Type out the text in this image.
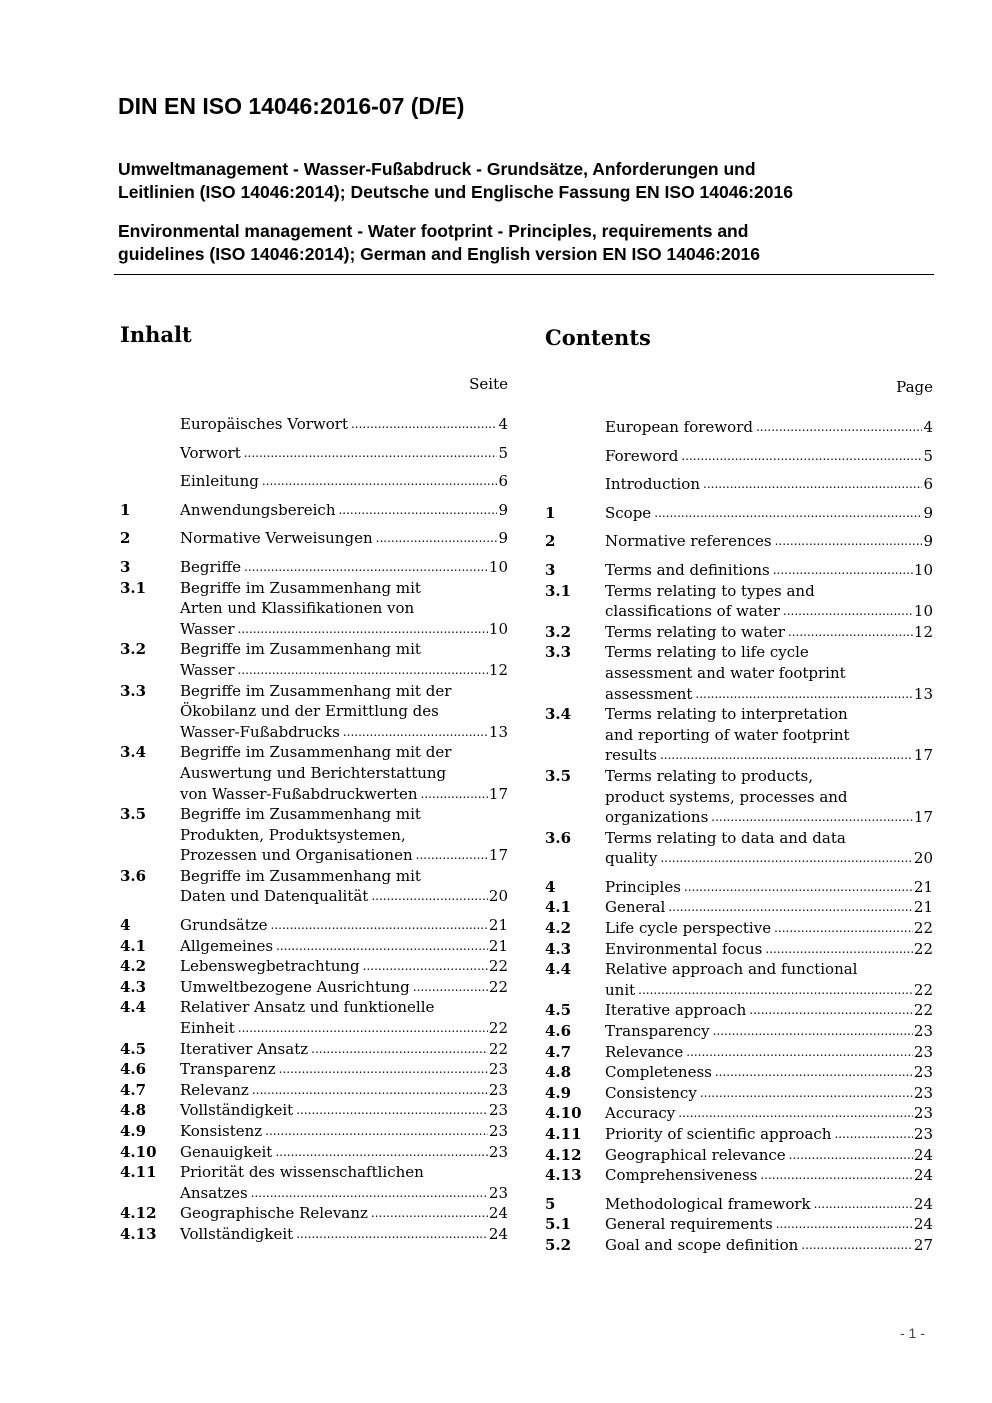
DIN EN ISO 14046:2016-07 (D/E)
Umweltmanagement - Wasser-Fußabdruck - Grundsätze, Anforderungen und
Leitlinien (ISO 14046:2014); Deutsche und Englische Fassung EN ISO 14046:2016
Environmental management - Water footprint - Principles, requirements and
guidelines (ISO 14046:2014); German and English version EN ISO 14046:2016
Inhalt
Seite
Europäisches Vorwort .....	4
Vorwort .....	5
Einleitung .....	6
1	Anwendungsbereich .....	9
2	Normative Verweisungen .....	9
3	Begriffe .....	10
3.1	Begriffe im Zusammenhang mit
Arten und Klassifikationen von
Wasser .....	10
3.2	Begriffe im Zusammenhang mit
Wasser .....	12
3.3	Begriffe im Zusammenhang mit der
Ökobilanz und der Ermittlung des
Wasser-Fußabdrucks .....	13
3.4	Begriffe im Zusammenhang mit der
Auswertung und Berichterstattung
von Wasser-Fußabdruckwerten .....	17
3.5	Begriffe im Zusammenhang mit
Produkten, Produktsystemen,
Prozessen und Organisationen .....	17
3.6	Begriffe im Zusammenhang mit
Daten und Datenqualität .....	20
4	Grundsätze .....	21
4.1	Allgemeines .....	21
4.2	Lebenswegbetrachtung .....	22
4.3	Umweltbezogene Ausrichtung .....	22
4.4	Relativer Ansatz und funktionelle
Einheit .....	22
4.5	Iterativer Ansatz .....	22
4.6	Transparenz .....	23
4.7	Relevanz .....	23
4.8	Vollständigkeit .....	23
4.9	Konsistenz .....	23
4.10	Genauigkeit .....	23
4.11	Priorität des wissenschaftlichen
Ansatzes .....	23
4.12	Geographische Relevanz .....	24
4.13	Vollständigkeit .....	24
Contents
Page
European foreword .....	4
Foreword .....	5
Introduction .....	6
1	Scope .....	9
2	Normative references .....	9
3	Terms and definitions .....	10
3.1	Terms relating to types and
classifications of water .....	10
3.2	Terms relating to water .....	12
3.3	Terms relating to life cycle
assessment and water footprint
assessment .....	13
3.4	Terms relating to interpretation
and reporting of water footprint
results .....	17
3.5	Terms relating to products,
product systems, processes and
organizations .....	17
3.6	Terms relating to data and data
quality .....	20
4	Principles .....	21
4.1	General .....	21
4.2	Life cycle perspective .....	22
4.3	Environmental focus .....	22
4.4	Relative approach and functional
unit .....	22
4.5	Iterative approach .....	22
4.6	Transparency .....	23
4.7	Relevance .....	23
4.8	Completeness .....	23
4.9	Consistency .....	23
4.10	Accuracy .....	23
4.11	Priority of scientific approach .....	23
4.12	Geographical relevance .....	24
4.13	Comprehensiveness .....	24
5	Methodological framework .....	24
5.1	General requirements .....	24
5.2	Goal and scope definition .....	27
- 1 -
